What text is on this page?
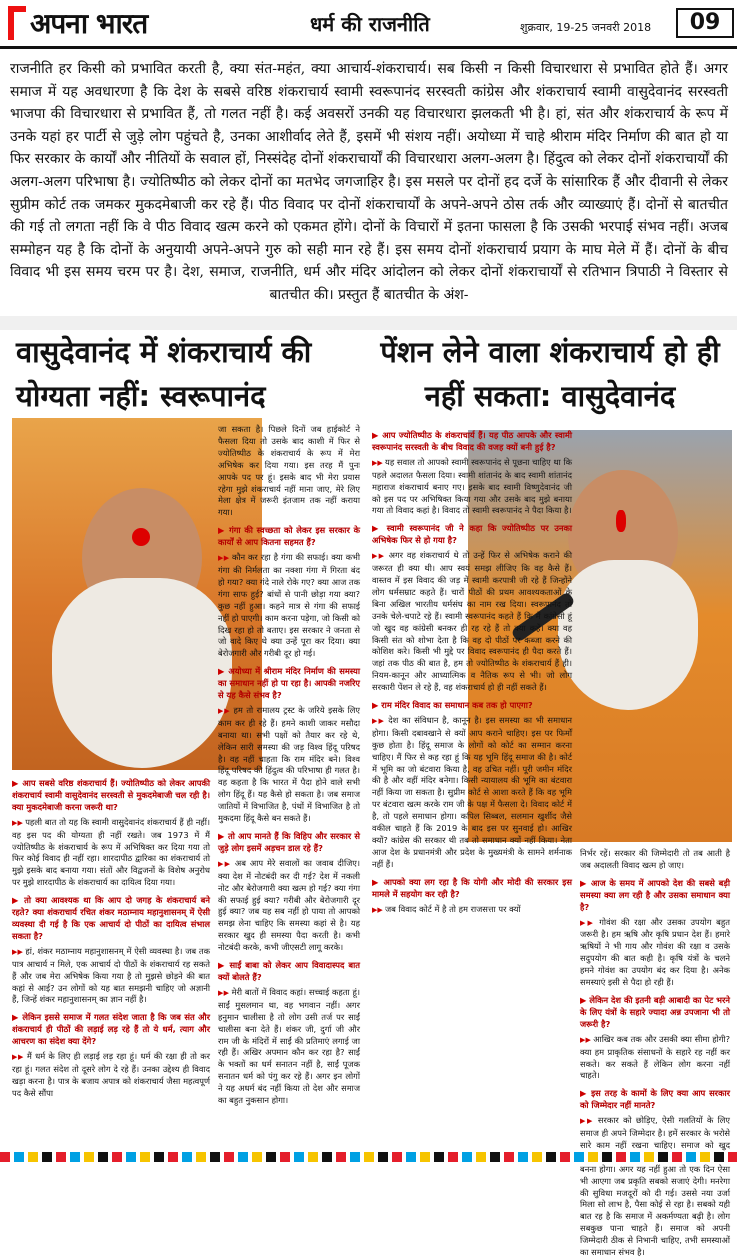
अपना भारत	धर्म की राजनीति	शुक्रवार, 19-25 जनवरी 2018	09
राजनीति हर किसी को प्रभावित करती है, क्या संत-महंत, क्या आचार्य-शंकराचार्य। सब किसी न किसी विचारधारा से प्रभावित होते हैं। अगर समाज में यह अवधारणा है कि देश के सबसे वरिष्ठ शंकराचार्य स्वामी स्वरूपानंद सरस्वती कांग्रेस और शंकराचार्य स्वामी वासुदेवानंद सरस्वती भाजपा की विचारधारा से प्रभावित हैं, तो गलत नहीं है। कई अवसरों उनकी यह विचारधारा झलकती भी है। हां, संत और शंकराचार्य के रूप में उनके यहां हर पार्टी से जुड़े लोग पहुंचते है, उनका आशीर्वाद लेते हैं, इसमें भी संशय नहीं। अयोध्या में चाहे श्रीराम मंदिर निर्माण की बात हो या फिर सरकार के कार्यों और नीतियों के सवाल हों, निस्संदेह दोनों शंकराचार्यों की विचारधारा अलग-अलग है। हिंदुत्व को लेकर दोनों शंकराचार्यों की अलग-अलग परिभाषा है। ज्योतिष्पीठ को लेकर दोनों का मतभेद जगजाहिर है। इस मसले पर दोनों हद दर्जे के सांसारिक हैं और दीवानी से लेकर सुप्रीम कोर्ट तक जमकर मुकदमेबाजी कर रहे हैं। पीठ विवाद पर दोनों शंकराचार्यों के अपने-अपने ठोस तर्क और व्याख्याएं हैं। दोनों से बातचीत की गई तो लगता नहीं कि वे पीठ विवाद खत्म करने को एकमत होंगे। दोनों के विचारों में इतना फासला है कि उसकी भरपाई संभव नहीं। अजब सम्मोहन यह है कि दोनों के अनुयायी अपने-अपने गुरु को सही मान रहे हैं। इस समय दोनों शंकराचार्य प्रयाग के माघ मेले में हैं। दोनों के बीच विवाद भी इस समय चरम पर है। देश, समाज, राजनीति, धर्म और मंदिर आंदोलन को लेकर दोनों शंकराचार्यों से रतिभान त्रिपाठी ने विस्तार से बातचीत की। प्रस्तुत हैं बातचीत के अंश-
वासुदेवानंद में शंकराचार्य की योग्यता नहीं: स्वरूपानंद
पेंशन लेने वाला शंकराचार्य हो ही नहीं सकता: वासुदेवानंद

▶ आप सबसे वरिष्ठ शंकराचार्य हैं। ज्योतिष्पीठ को लेकर आपकी शंकराचार्य स्वामी वासुदेवानंद सरस्वती से मुकदमेबाजी चल रही है। क्या मुकदमेबाजी करना जरूरी था?

▶▶ पहली बात तो यह कि स्वामी वासुदेवानंद शंकराचार्य हैं ही नहीं। वह इस पद की योग्यता ही नहीं रखते। जब 1973 में मैं ज्योतिष्पीठ के शंकराचार्य के रूप में अभिषिक्त कर दिया गया तो फिर कोई विवाद ही नहीं रहा। शारदापीठ द्वारिका का शंकराचार्य तो मुझे इसके बाद बनाया गया। संतों और विद्वजनों के विशेष अनुरोध पर मुझे शारदापीठ के शंकराचार्य का दायित्व दिया गया।

▶ तो क्या आवश्यक था कि आप दो जगह के शंकराचार्य बने रहते? क्या शंकराचार्य रचित शंकर मठाम्नाय महानुशासनम् में ऐसी व्यवस्था दी गई है कि एक आचार्य दो पीठों का दायित्व संभाल सकता है?

▶▶ हां, शंकर मठाम्नाय महानुशासनम् में ऐसी व्यवस्था है। जब तक पात्र आचार्य न मिले, एक आचार्य दो पीठों के शंकराचार्य रह सकते हैं और जब मेरा अभिषेक किया गया है तो मुझसे छोड़ने की बात कहां से आई? उन लोगों को यह बात समझनी चाहिए जो अज्ञानी हैं, जिन्हें शंकर महानुशासनम् का ज्ञान नहीं है।

▶ लेकिन इससे समाज में गलत संदेश जाता है कि जब संत और शंकराचार्य ही पीठों की लड़ाई लड़ रहे हैं तो ये धर्म, त्याग और आचरण का संदेश क्या देंगे?

▶▶ मैं धर्म के लिए ही लड़ाई लड़ रहा हूं। धर्म की रक्षा ही तो कर रहा हूं। गलत संदेश तो दूसरे लोग दे रहे हैं। उनका उद्देश्य ही विवाद खड़ा करना है। पात्र के बजाय अपात्र को शंकराचार्य जैसा महत्वपूर्ण पद कैसे सौंपा

जा सकता है। पिछले दिनों जब हाईकोर्ट ने फैसला दिया तो उसके बाद काशी में फिर से ज्योतिष्पीठ के शंकराचार्य के रूप में मेरा अभिषेक कर दिया गया। इस तरह मैं पुनः आपके पद पर हूं। इसके बाद भी मेरा प्रयास रहेगा मुझे शंकराचार्य नहीं माना जाए, मेरे लिए मेला क्षेत्र में जरूरी इंतजाम तक नहीं कराया गया।

▶ गंगा की स्वच्छता को लेकर इस सरकार के कार्यों से आप कितना सहमत हैं?

▶▶ कौन कर रहा है गंगा की सफाई। क्या कभी गंगा की निर्मलता का नक्शा गंगा में गिरता बंद हो गया? क्या गंदे नाले रोके गए? क्या आज तक गंगा साफ हुई? बांधों से पानी छोड़ा गया क्या? कुछ नहीं हुआ। कहने मात्र से गंगा की सफाई नहीं हो पाएगी। काम करना पड़ेगा, जो किसी को दिख रहा हो तो बताए। इस सरकार ने जनता से जो वादे किए थे क्या उन्हें पूरा कर दिया। क्या बेरोजगारी और गरीबी दूर हो गई।

▶ अयोध्या में श्रीराम मंदिर निर्माण की समस्या का समाधान नहीं हो पा रहा है। आपकी नजरिए से यह कैसे संभव है?

▶▶ हम तो रामालय ट्रस्ट के जरिये इसके लिए काम कर ही रहे हैं। हमने काशी जाकर मसौदा बनाया था। सभी पक्षों को तैयार कर रहे थे, लेकिन सारी समस्या की जड़ विश्व हिंदू परिषद है। वह नहीं चाहता कि राम मंदिर बने। विश्व हिंदू परिषद की हिंदुत्व की परिभाषा ही गलत है। वह कहता है कि भारत में पैदा होने वाले सभी लोग हिंदू हैं। यह कैसे हो सकता है। जब समाज जातियों में विभाजित है, पंथों में विभाजित है तो मुकदमा हिंदू कैसे बन सकते हैं।

▶ तो आप मानते हैं कि विहिप और सरकार से जुड़े लोग इसमें अड़चन डाल रहे हैं?

▶▶ अब आप मेरे सवालों का जवाब दीजिए। क्या देश में नोटबंदी कर दी गई? देश में नकली नोट और बेरोजगारी क्या खत्म हो गई? क्या गंगा की सफाई हुई क्या? गरीबी और बेरोजगारी दूर हुई क्या? जब यह सब नहीं हो पाया तो आपको समझ लेना चाहिए कि समस्या कहां से है। यह सरकार खुद ही समस्या पैदा करती है। कभी नोटबंदी करके, कभी जीएसटी लागू करके।

▶ साईं बाबा को लेकर आप विवादास्पद बात क्यों बोलते हैं?

▶▶ मेरी बातों में विवाद कहां। सच्चाई कहता हूं। साईं मुसलमान था, वह भगवान नहीं। अगर हनुमान चालीसा है तो लोग उसी तर्ज पर साईं चालीसा बना देते हैं। शंकर जी, दुर्गा जी और राम जी के मंदिरों में साईं की प्रतिमाएं लगाई जा रही हैं। अखिर अपमान कौन कर रहा है? साईं के भक्तों का धर्म सनातन नहीं है, साईं पूजक सनातन धर्म को पंगु कर रहे हैं। अगर इन लोगों ने यह अधर्म बंद नहीं किया तो देश और समाज का बहुत नुकसान होगा।

▶ आप ज्योतिष्पीठ के शंकराचार्य हैं। यह पीठ आपके और स्वामी स्वरूपानंद सरस्वती के बीच विवाद की वजह क्यों बनी हुई है?

▶▶ यह सवाल तो आपको स्वामी स्वरूपानंद से पूछना चाहिए था कि पहले अदालत फैसला दिया। स्वामी शांतानंद के बाद स्वामी शांतानंद महाराज शंकराचार्य बनाए गए। इसके बाद स्वामी विष्णुदेवानंद जी को इस पद पर अभिषिक्त किया गया और उसके बाद मुझे बनाया गया तो विवाद कहां है। विवाद तो स्वामी स्वरूपानंद ने पैदा किया है।

▶ स्वामी स्वरूपानंद जी ने कहा कि ज्योतिष्पीठ पर उनका अभिषेक फिर से हो गया है?

▶▶ अगर वह शंकराचार्य थे तो उन्हें फिर से अभिषेक कराने की जरूरत ही क्या थी। आप स्वयं समझ लीजिए कि वह कैसे हैं। वास्तव में इस विवाद की जड़ में स्वामी करपात्री जी रहे हैं जिन्होंने लोग धर्मसम्राट कहते हैं। चारों पीठों की प्रथम आवश्यकताओं के बिना अखिल भारतीय धर्मसंघ का नाम रख दिया। स्वरूपानंद तो उनके चेले-चपाटे रहे हैं। स्वामी स्वरूपानंद कहते हैं कि मैं कांग्रेसी हूं जो खुद वह कांग्रेसी बनकर ही रह रहे हैं तो क्या कहें। क्या वह किसी संत को शोभा देता है कि वह दो पीठों पर कब्जा करने की कोशिश करे। किसी भी मुद्दे पर विवाद स्वरूपानंद ही पैदा करते हैं। जहां तक पीठ की बात है, हम तो ज्योतिष्पीठ के शंकराचार्य हैं ही। नियम-कानून और आध्यात्मिक व नैतिक रूप से भी। जो लोग सरकारी पेंशन ले रहे हैं, वह शंकराचार्य हो ही नहीं सकते हैं।

▶ राम मंदिर विवाद का समाधान कब तक हो पाएगा?

▶▶ देश का संविधान है, कानून है। इस समस्या का भी समाधान होगा। किसी दबावखाने से क्यों आप कराने चाहिए। इस पर फिर्मों कुछ होता है। हिंदू समाज के लोगों को कोर्ट का सम्मान करना चाहिए। मैं फिर से कह रहा हूं कि यह भूमि हिंदू समाज की है। कोर्ट में भूमि का जो बंटवारा किया है, वह उचित नहीं। पूरी जमीन मंदिर की है और वहीं मंदिर बनेगा। किसी न्यायालय की भूमि का बंटवारा नहीं किया जा सकता है। सुप्रीम कोर्ट से आशा करते हैं कि वह भूमि पर बंटवारा खत्म करके राम जी के पक्ष में फैसला दे। विवाद कोर्ट में है, तो पहले समाधान होगा। कपिल सिब्बल, सलमान खुर्शीद जैसे वकील चाहते हैं कि 2019 के बाद इस पर सुनवाई हो। आखिर क्यों? कांग्रेस की सरकार थी तब तो समाधान क्यों नहीं किया। नेता आज देश के प्रधानमंत्री और प्रदेश के मुख्यमंत्री के सामने शर्मनाक नहीं हैं।

▶ आपको क्या लग रहा है कि योगी और मोदी की सरकार इस मामले में सहयोग कर रही है?

▶▶ जब विवाद कोर्ट में है तो हम राजसत्ता पर क्यों

निर्भर रहें। सरकार की जिम्मेदारी तो तब आती है जब अदालती विवाद खत्म हो जाए।

▶ आज के समय में आपको देश की सबसे बड़ी समस्या क्या लग रही है और उसका समाधान क्या है?

▶▶ गोवंश की रक्षा और उसका उपयोग बहुत जरूरी है। हम ऋषि और कृषि प्रधान देश हैं। हमारे ऋषियों ने भी गाय और गोवंश की रक्षा व उसके सदुपयोग की बात कही है। कृषि यंत्रों के चलने हमने गोवंश का उपयोग बंद कर दिया है। अनेक समस्याएं इसी से पैदा हो रही हैं।

▶ लेकिन देश की इतनी बड़ी आबादी का पेट भरने के लिए यंत्रों के सहारे ज्यादा अन्न उपजाना भी तो जरूरी है?

▶▶ आखिर कब तक और उसकी क्या सीमा होगी? क्या हम प्राकृतिक संसाधनों के सहारे रह नहीं कर सकते। कर सकते हैं लेकिन लोग करना नहीं चाहते।

▶ इस तरह के कामों के लिए क्या आप सरकार को जिम्मेदार नहीं मानते?

▶▶ सरकार को छोड़िए, ऐसी गलतियों के लिए समाज ही अपने जिम्मेदार है। हमें सरकार के भरोसे सारे काम नहीं रखना चाहिए। समाज को खुद बनना होगा। अगर यह नहीं हुआ तो एक दिन ऐसा भी आएगा जब प्रकृति सबको सजाएं देगी। मनरेगा की सुविधा मजदूरों को दी गई। उससे नया उर्जा मिला सो लाभ है, पैसा कोई से रहा है। सबको यही बात रह है कि समाज में अकर्मण्यता बढ़ी है। लोग सबकुछ पाना चाहते हैं। समाज को अपनी जिम्मेदारी ठीक से निभानी चाहिए, तभी समस्याओं का समाधान संभव है।
